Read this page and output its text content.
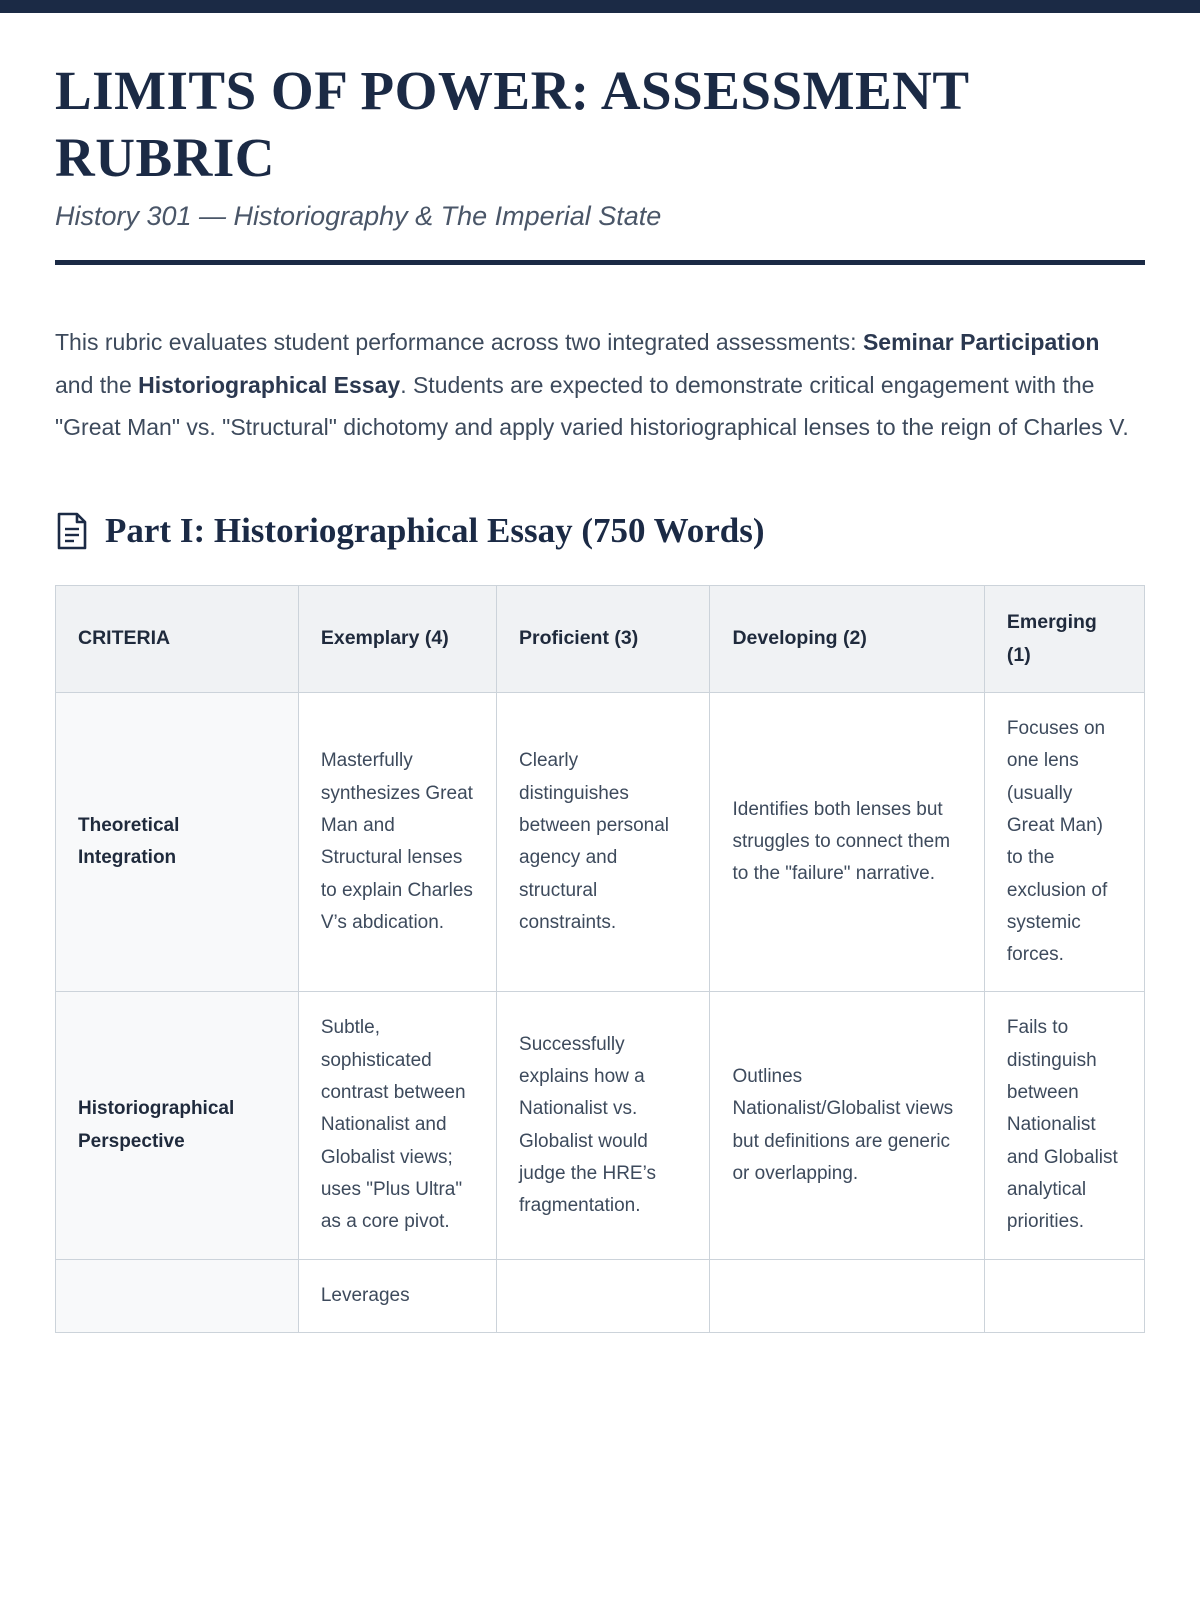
LIMITS OF POWER: ASSESSMENT RUBRIC

History 301 — Historiography & The Imperial State

This rubric evaluates student performance across two integrated assessments: Seminar Participation and the Historiographical Essay. Students are expected to demonstrate critical engagement with the "Great Man" vs. "Structural" dichotomy and apply varied historiographical lenses to the reign of Charles V.

Part I: Historiographical Essay (750 Words)
CRITERIA	Exemplary (4)	Proficient (3)	Developing (2)	Emerging (1)
Theoretical Integration	Masterfully synthesizes Great Man and Structural lenses to explain Charles V’s abdication.	Clearly distinguishes between personal agency and structural constraints.	Identifies both lenses but struggles to connect them to the "failure" narrative.	Focuses on one lens (usually Great Man) to the exclusion of systemic forces.
Historiographical Perspective	Subtle, sophisticated contrast between Nationalist and Globalist views; uses "Plus Ultra" as a core pivot.	Successfully explains how a Nationalist vs. Globalist would judge the HRE’s fragmentation.	Outlines Nationalist/Globalist views but definitions are generic or overlapping.	Fails to distinguish between Nationalist and Globalist analytical priorities.
	Leverages			
